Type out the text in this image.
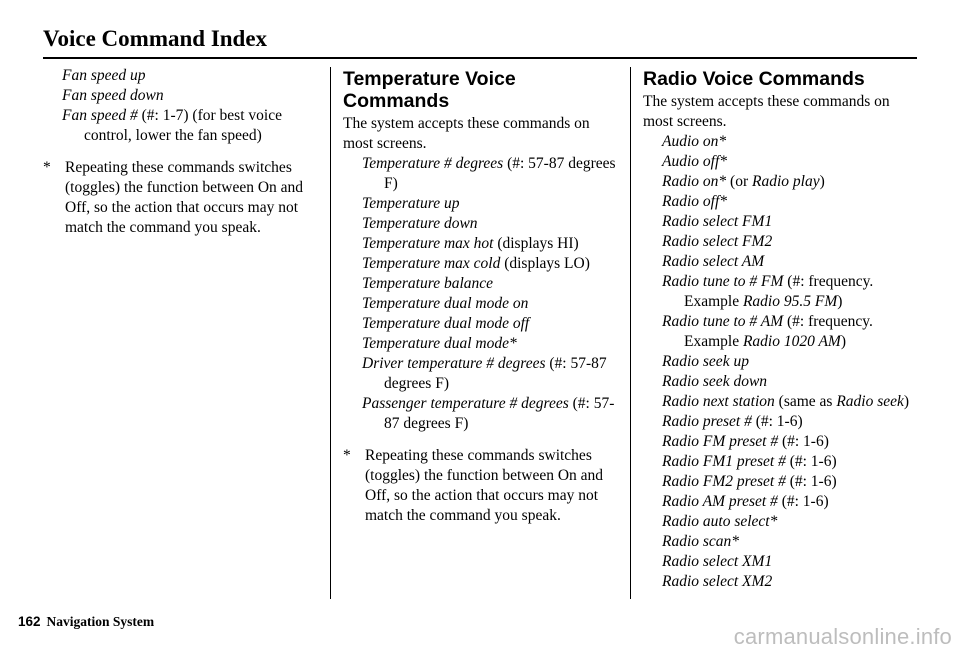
Voice Command Index

Fan speed up

Fan speed down

Fan speed # (#: 1-7) (for best voice control, lower the fan speed)

* Repeating these commands switches (toggles) the function between On and Off, so the action that occurs may not match the command you speak.

Temperature Voice Commands

The system accepts these commands on most screens.

Temperature # degrees (#: 57-87 degrees F)

Temperature up

Temperature down

Temperature max hot (displays HI)

Temperature max cold (displays LO)

Temperature balance

Temperature dual mode on

Temperature dual mode off

Temperature dual mode*

Driver temperature # degrees (#: 57-87 degrees F)

Passenger temperature # degrees (#: 57-87 degrees F)

* Repeating these commands switches (toggles) the function between On and Off, so the action that occurs may not match the command you speak.

Radio Voice Commands

The system accepts these commands on most screens.

Audio on*

Audio off*

Radio on* (or Radio play)

Radio off*

Radio select FM1

Radio select FM2

Radio select AM

Radio tune to # FM (#: frequency. Example Radio 95.5 FM)

Radio tune to # AM (#: frequency. Example Radio 1020 AM)

Radio seek up

Radio seek down

Radio next station (same as Radio seek)

Radio preset # (#: 1-6)

Radio FM preset # (#: 1-6)

Radio FM1 preset # (#: 1-6)

Radio FM2 preset # (#: 1-6)

Radio AM preset # (#: 1-6)

Radio auto select*

Radio scan*

Radio select XM1

Radio select XM2

162 Navigation System
carmanualsonline.info
